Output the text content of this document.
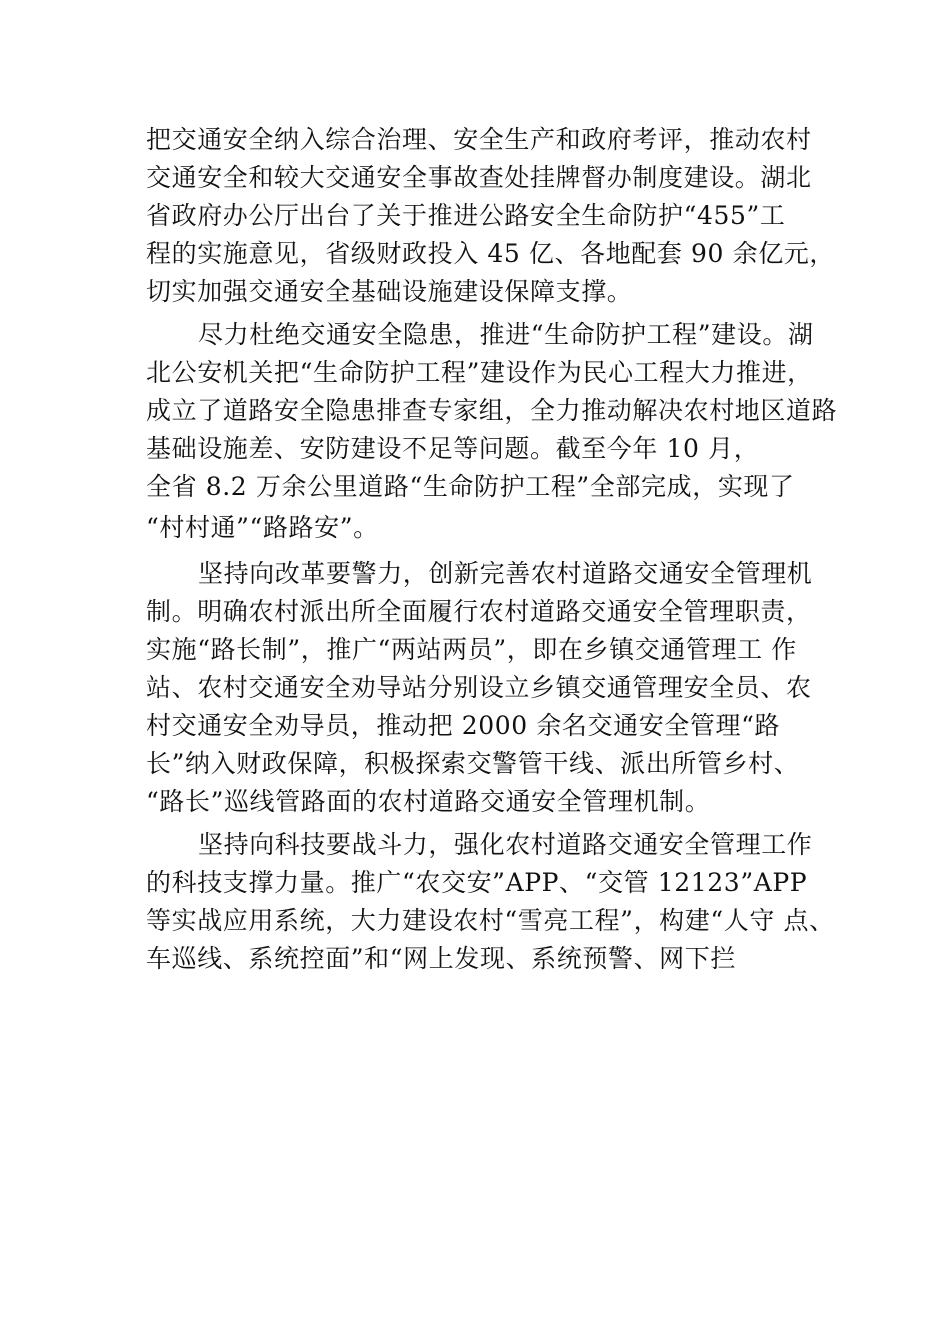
把交通安全纳入综合治理、安全生产和政府考评，推动农村
交通安全和较大交通安全事故查处挂牌督办制度建设。湖北
省政府办公厅出台了关于推进公路安全生命防护“455”工
程的实施意见，省级财政投入 45 亿、各地配套 90 余亿元，
切实加强交通安全基础设施建设保障支撑。
尽力杜绝交通安全隐患，推进“生命防护工程”建设。湖
北公安机关把“生命防护工程”建设作为民心工程大力推进，
成立了道路安全隐患排查专家组，全力推动解决农村地区道路
基础设施差、安防建设不足等问题。截至今年 10 月，
全省 8.2 万余公里道路“生命防护工程”全部完成，实现了
“村村通”“路路安”。
坚持向改革要警力，创新完善农村道路交通安全管理机
制。明确农村派出所全面履行农村道路交通安全管理职责，
实施“路长制”，推广“两站两员”，即在乡镇交通管理工 作
站、农村交通安全劝导站分别设立乡镇交通管理安全员、农
村交通安全劝导员，推动把 2000 余名交通安全管理“路
长”纳入财政保障，积极探索交警管干线、派出所管乡村、
“路长”巡线管路面的农村道路交通安全管理机制。
坚持向科技要战斗力，强化农村道路交通安全管理工作
的科技支撑力量。推广“农交安”APP、“交管 12123”APP
等实战应用系统，大力建设农村“雪亮工程”，构建“人守 点、
车巡线、系统控面”和“网上发现、系统预警、网下拦
